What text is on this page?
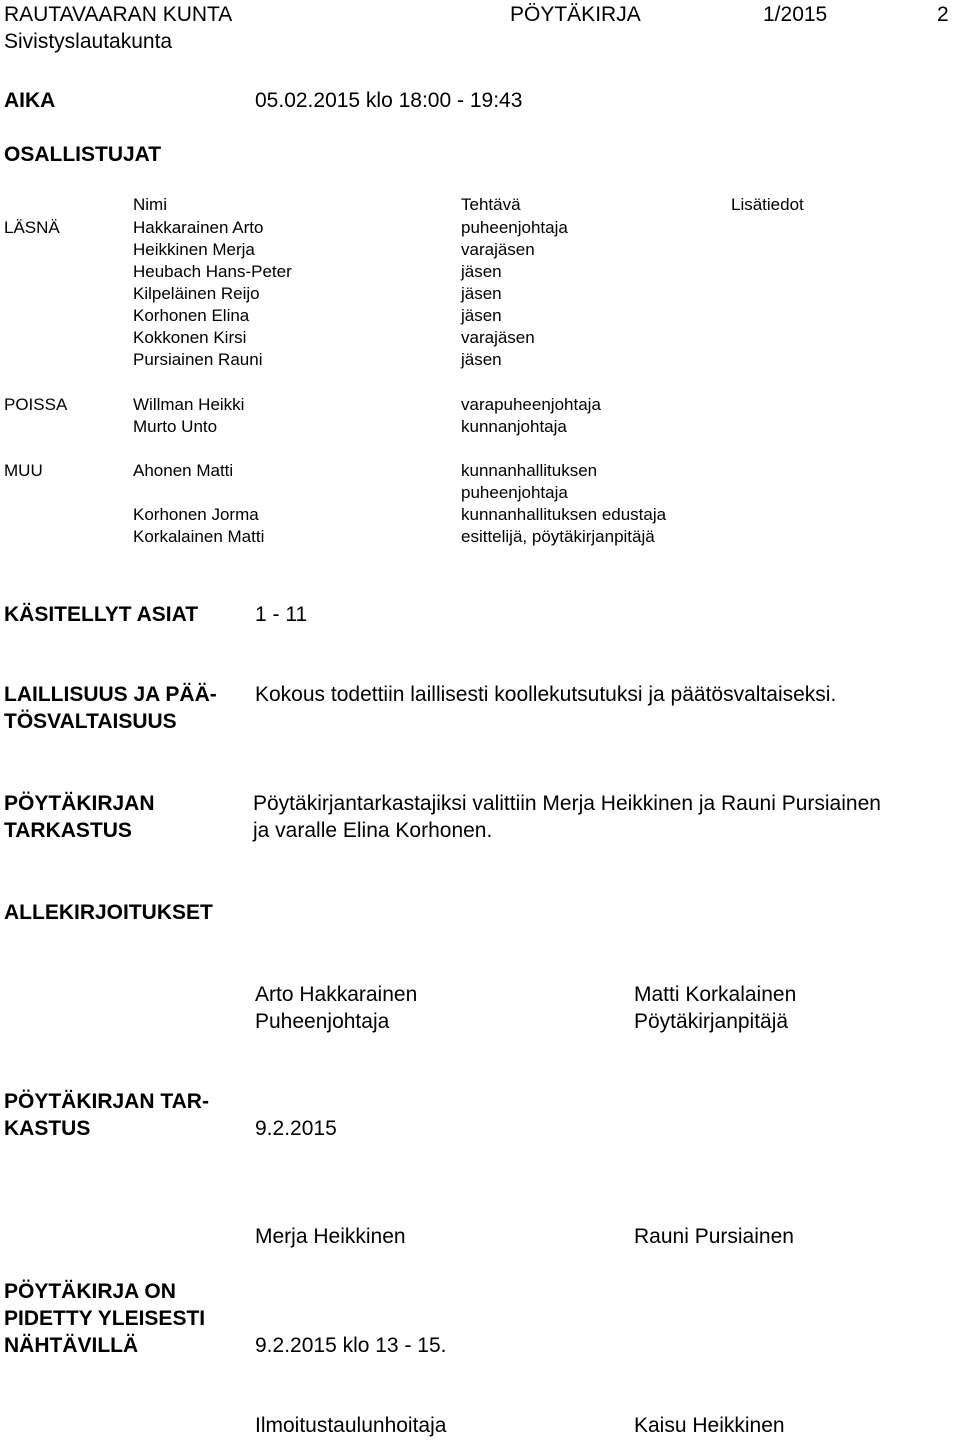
RAUTAVAARAN KUNTA	PÖYTÄKIRJA	1/2015	2
Sivistyslautakunta
AIKA	05.02.2015 klo 18:00 - 19:43
OSALLISTUJAT
Nimi	Tehtävä	Lisätiedot
LÄSNÄ	Hakkarainen Arto	puheenjohtaja
Heikkinen Merja	varajäsen
Heubach Hans-Peter	jäsen
Kilpeläinen Reijo	jäsen
Korhonen Elina	jäsen
Kokkonen Kirsi	varajäsen
Pursiainen Rauni	jäsen
POISSA	Willman Heikki	varapuheenjohtaja
Murto Unto	kunnanjohtaja
MUU	Ahonen Matti	kunnanhallituksen
puheenjohtaja
Korhonen Jorma	kunnanhallituksen edustaja
Korkalainen Matti	esittelijä, pöytäkirjanpitäjä
KÄSITELLYT ASIAT	1 - 11
LAILLISUUS JA PÄÄ-
TÖSVALTAISUUS
Kokous todettiin laillisesti koollekutsutuksi ja päätösvaltaiseksi.
PÖYTÄKIRJAN
TARKASTUS
Pöytäkirjantarkastajiksi valittiin Merja Heikkinen ja Rauni Pursiainen
ja varalle Elina Korhonen.
ALLEKIRJOITUKSET
Arto Hakkarainen
Puheenjohtaja
Matti Korkalainen
Pöytäkirjanpitäjä
PÖYTÄKIRJAN TAR-
KASTUS	9.2.2015
Merja Heikkinen	Rauni Pursiainen
PÖYTÄKIRJA ON
PIDETTY YLEISESTI
NÄHTÄVILLÄ	9.2.2015 klo 13 - 15.
Ilmoitustaulunhoitaja	Kaisu Heikkinen
